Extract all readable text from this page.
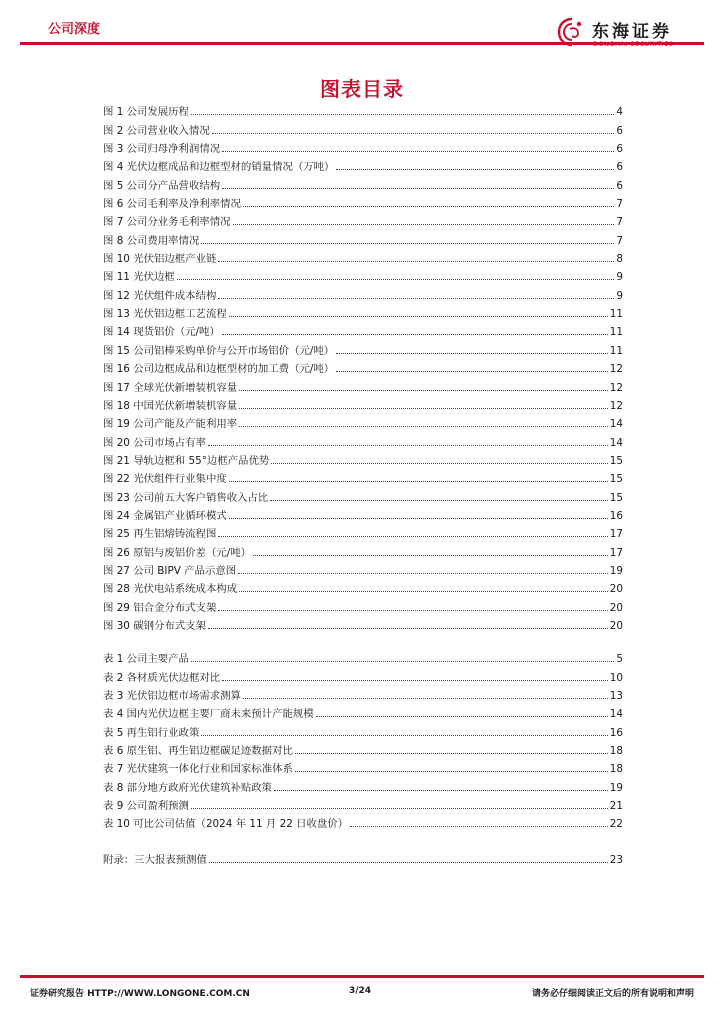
公司深度	东海证券
图表目录
图 1 公司发展历程	4
图 2 公司营业收入情况	6
图 3 公司归母净利润情况	6
图 4 光伏边框成品和边框型材的销量情况（万吨）	6
图 5 公司分产品营收结构	6
图 6 公司毛利率及净利率情况	7
图 7 公司分业务毛利率情况	7
图 8 公司费用率情况	7
图 10 光伏铝边框产业链	8
图 11 光伏边框	9
图 12 光伏组件成本结构	9
图 13 光伏铝边框工艺流程	11
图 14 现货铝价（元/吨）	11
图 15 公司铝棒采购单价与公开市场铝价（元/吨）	11
图 16 公司边框成品和边框型材的加工费（元/吨）	12
图 17 全球光伏新增装机容量	12
图 18 中国光伏新增装机容量	12
图 19 公司产能及产能利用率	14
图 20 公司市场占有率	14
图 21 导轨边框和 55°边框产品优势	15
图 22 光伏组件行业集中度	15
图 23 公司前五大客户销售收入占比	15
图 24 金属铝产业循环模式	16
图 25 再生铝熔铸流程图	17
图 26 原铝与废铝价差（元/吨）	17
图 27 公司 BIPV 产品示意图	19
图 28 光伏电站系统成本构成	20
图 29 铝合金分布式支架	20
图 30 碳钢分布式支架	20
表 1 公司主要产品	5
表 2 各材质光伏边框对比	10
表 3 光伏铝边框市场需求测算	13
表 4 国内光伏边框主要厂商未来预计产能规模	14
表 5 再生铝行业政策	16
表 6 原生铝、再生铝边框碳足迹数据对比	18
表 7 光伏建筑一体化行业和国家标准体系	18
表 8 部分地方政府光伏建筑补贴政策	19
表 9 公司盈利预测	21
表 10 可比公司估值（2024 年 11 月 22 日收盘价）	22
附录：三大报表预测值	23
证券研究报告 HTTP://WWW.LONGONE.COM.CN	3/24	请务必仔细阅读正文后的所有说明和声明
